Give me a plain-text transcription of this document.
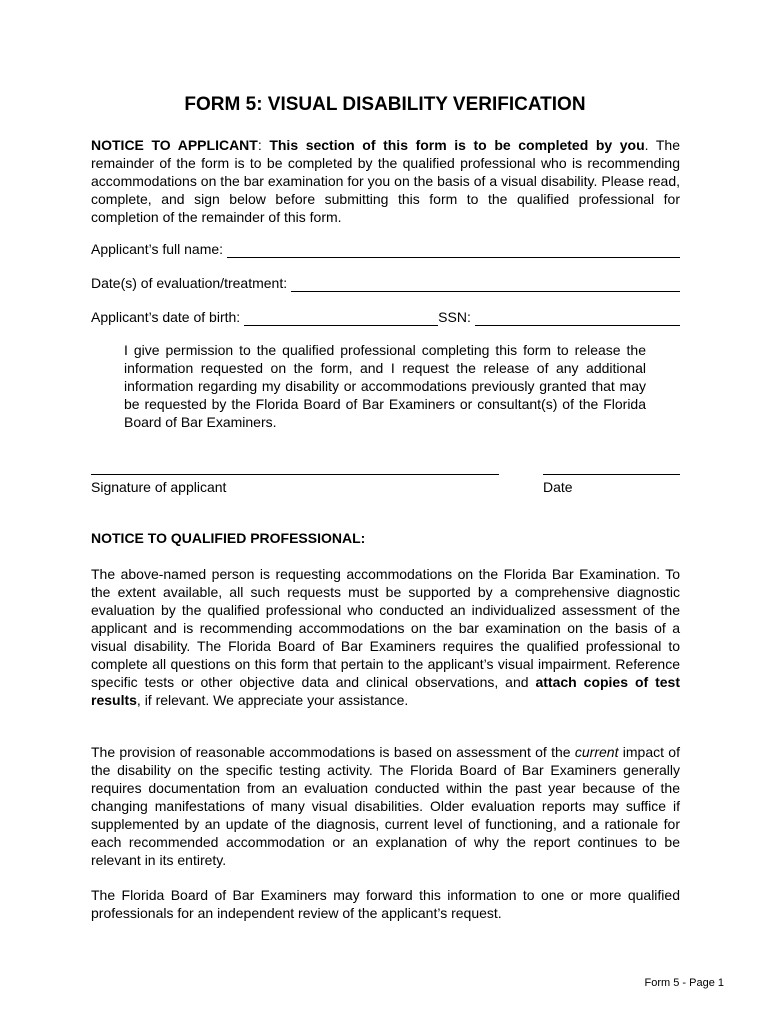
FORM 5: VISUAL DISABILITY VERIFICATION

NOTICE TO APPLICANT: This section of this form is to be completed by you. The remainder of the form is to be completed by the qualified professional who is recommending accommodations on the bar examination for you on the basis of a visual disability. Please read, complete, and sign below before submitting this form to the qualified professional for completion of the remainder of this form.

Applicant’s full name:
Date(s) of evaluation/treatment:
Applicant’s date of birth:	SSN:

I give permission to the qualified professional completing this form to release the information requested on the form, and I request the release of any additional information regarding my disability or accommodations previously granted that may be requested by the Florida Board of Bar Examiners or consultant(s) of the Florida Board of Bar Examiners.

Signature of applicant	Date

NOTICE TO QUALIFIED PROFESSIONAL:

The above-named person is requesting accommodations on the Florida Bar Examination. To the extent available, all such requests must be supported by a comprehensive diagnostic evaluation by the qualified professional who conducted an individualized assessment of the applicant and is recommending accommodations on the bar examination on the basis of a visual disability. The Florida Board of Bar Examiners requires the qualified professional to complete all questions on this form that pertain to the applicant’s visual impairment. Reference specific tests or other objective data and clinical observations, and attach copies of test results, if relevant. We appreciate your assistance.

The provision of reasonable accommodations is based on assessment of the current impact of the disability on the specific testing activity. The Florida Board of Bar Examiners generally requires documentation from an evaluation conducted within the past year because of the changing manifestations of many visual disabilities. Older evaluation reports may suffice if supplemented by an update of the diagnosis, current level of functioning, and a rationale for each recommended accommodation or an explanation of why the report continues to be relevant in its entirety.

The Florida Board of Bar Examiners may forward this information to one or more qualified professionals for an independent review of the applicant’s request.

Form 5 - Page 1
